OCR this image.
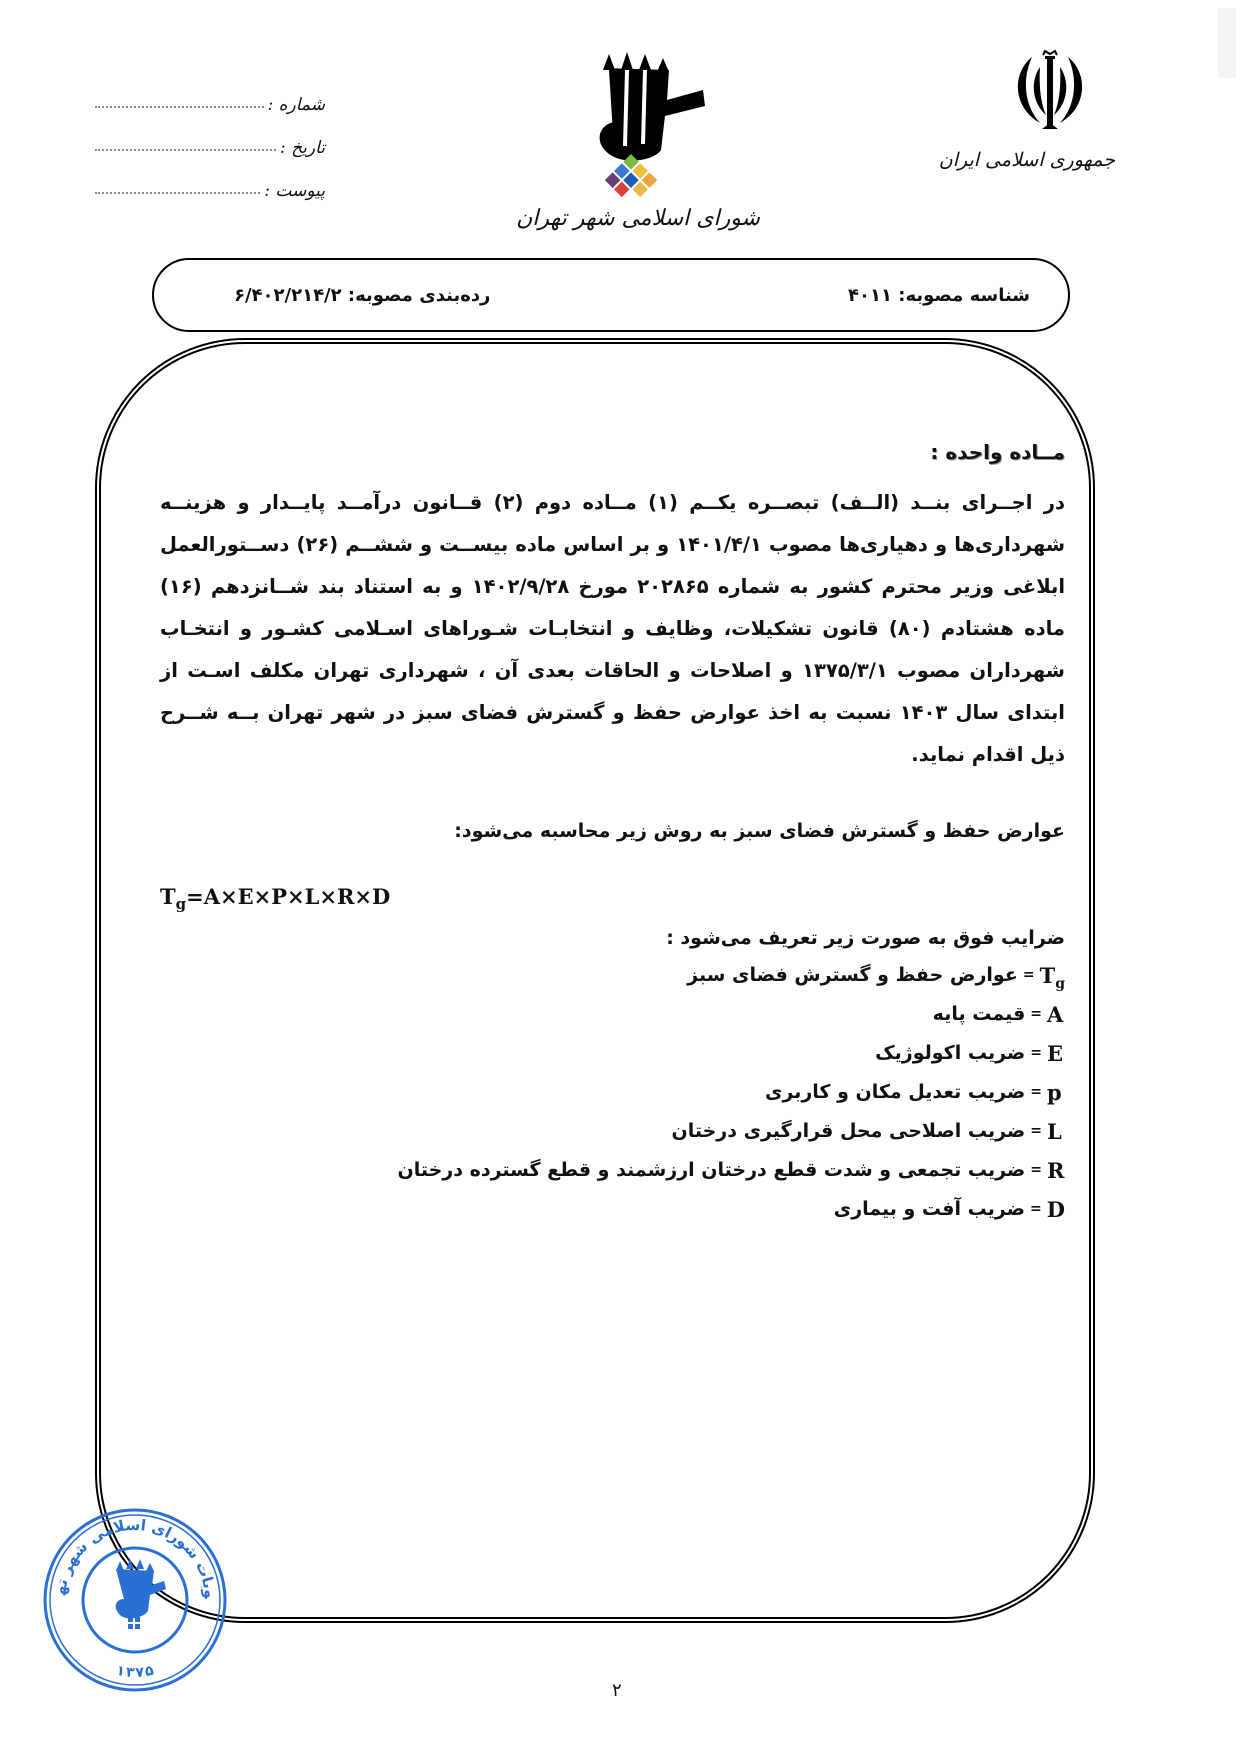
جمهوری اسلامی ایران
شورای اسلامی شهر تهران
شماره :
تاریخ :
پیوست :
شناسه مصوبه: ۴۰۱۱
رده‌بندی مصوبه: ۶/۴۰۲/۲۱۴/۲
مــاده واحده :

در اجــرای بنــد (الــف) تبصــره یکــم (۱) مــاده دوم (۲) قــانون درآمــد پایــدار و هزینــه شهرداری‌ها و دهیاری‌ها مصوب ۱۴۰۱/۴/۱ و بر اساس ماده بیســت و ششــم (۲۶) دســتورالعمل ابلاغی وزیر محترم کشور به شماره ۲۰۲۸۶۵ مورخ ۱۴۰۲/۹/۲۸ و به استناد بند شــانزدهم (۱۶) ماده هشتادم (۸۰) قانون تشکیلات، وظایف و انتخابـات شـوراهای اسـلامی کشـور و انتخـاب شهرداران مصوب ۱۳۷۵/۳/۱ و اصلاحات و الحاقات بعدی آن ، شهرداری تهران مکلف اسـت از ابتدای سال ۱۴۰۳ نسبت به اخذ عوارض حفظ و گسترش فضای سبز در شهر تهران بــه شــرح ذیل اقدام نماید.

عوارض حفظ و گسترش فضای سبز به روش زیر محاسبه می‌شود:
$T_g=A\times E\times P\times L\times R\times D$
ضرایب فوق به صورت زیر تعریف می‌شود :
$T_g$
=
عوارض حفظ و گسترش فضای سبز
A
=
قیمت پایه
E
=
ضریب اکولوژیک
p
=
ضریب تعدیل مکان و کاربری
L
=
ضریب اصلاحی محل قرارگیری درختان
R
=
ضریب تجمعی و شدت قطع درختان ارزشمند و قطع گسترده درختان
D
=
ضریب آفت و بیماری
وبات شورای اسلامی شهر ته
۱۳۷۵
۲
